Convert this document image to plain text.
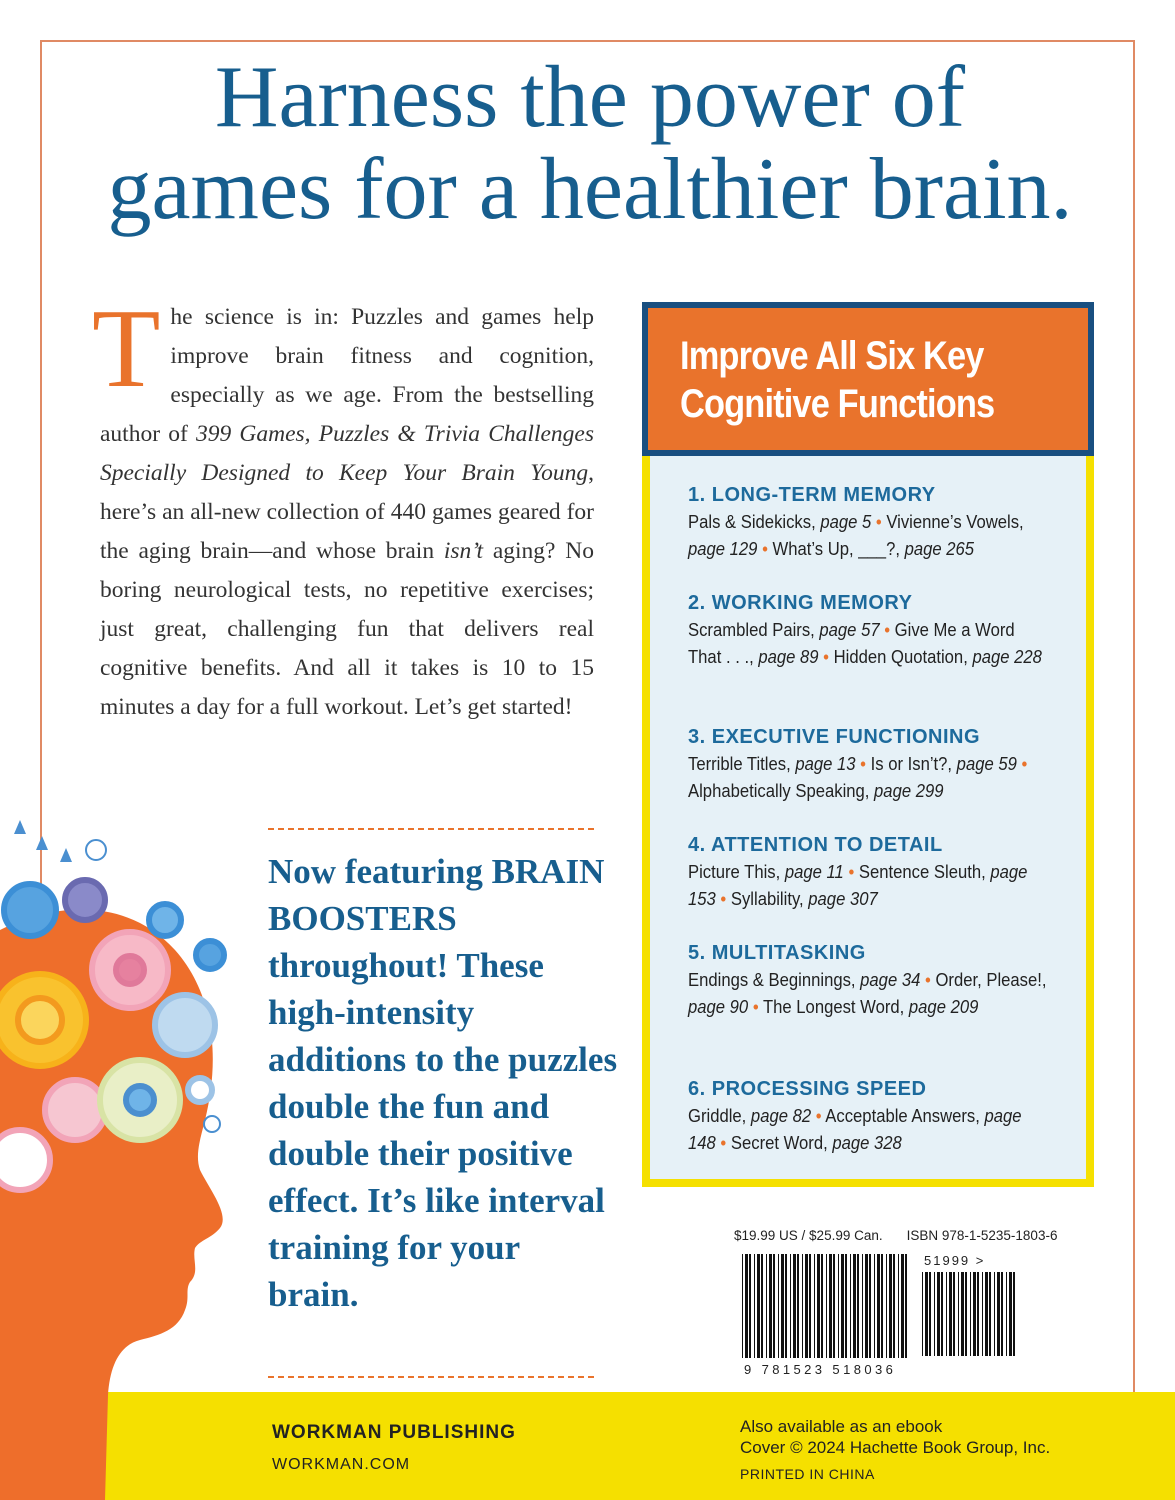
Harness the power of
games for a healthier brain.

The science is in: Puzzles and games help improve brain fitness and cognition, especially as we age. From the bestselling author of 399 Games, Puzzles & Trivia Challenges Specially Designed to Keep Your Brain Young, here’s an all-new collection of 440 games geared for the aging brain—and whose brain isn’t aging? No boring neurological tests, no repetitive exercises; just great, challenging fun that delivers real cognitive benefits. And all it takes is 10 to 15 minutes a day for a full workout. Let’s get started!

Now featuring BRAIN BOOSTERS throughout! These high-intensity additions to the puzzles double the fun and double their positive effect. It’s like interval training for your brain.

Improve All Six Key
Cognitive Functions
1. LONG-TERM MEMORY
Pals & Sidekicks, page 5 • Vivienne’s Vowels, page 129 • What’s Up, ___?, page 265
2. WORKING MEMORY
Scrambled Pairs, page 57 • Give Me a Word That . . ., page 89 • Hidden Quotation, page 228
3. EXECUTIVE FUNCTIONING
Terrible Titles, page 13 • Is or Isn’t?, page 59 • Alphabetically Speaking, page 299
4. ATTENTION TO DETAIL
Picture This, page 11 • Sentence Sleuth, page 153 • Syllability, page 307
5. MULTITASKING
Endings & Beginnings, page 34 • Order, Please!, page 90 • The Longest Word, page 209
6. PROCESSING SPEED
Griddle, page 82 • Acceptable Answers, page 148 • Secret Word, page 328
$19.99 US / $25.99 Can. ISBN 978-1-5235-1803-6
51999 >
9 781523 518036
WORKMAN PUBLISHING
WORKMAN.COM
Also available as an ebook
Cover © 2024 Hachette Book Group, Inc.
PRINTED IN CHINA
